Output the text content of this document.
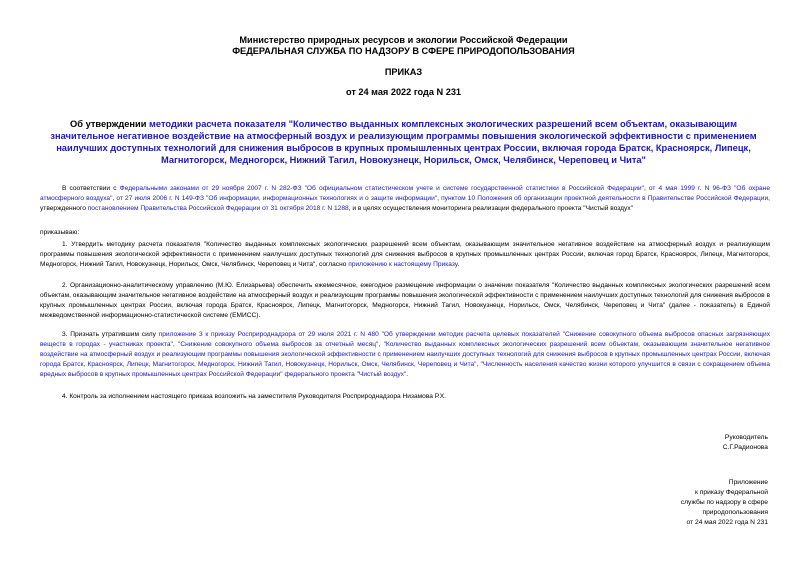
Министерство природных ресурсов и экологии Российской Федерации
ФЕДЕРАЛЬНАЯ СЛУЖБА ПО НАДЗОРУ В СФЕРЕ ПРИРОДОПОЛЬЗОВАНИЯ
ПРИКАЗ
от 24 мая 2022 года N 231
Об утверждении методики расчета показателя "Количество выданных комплексных экологических разрешений всем объектам, оказывающим значительное негативное воздействие на атмосферный воздух и реализующим программы повышения экологической эффективности с применением наилучших доступных технологий для снижения выбросов в крупных промышленных центрах России, включая города Братск, Красноярск, Липецк, Магнитогорск, Медногорск, Нижний Тагил, Новокузнецк, Норильск, Омск, Челябинск, Череповец и Чита"
В соответствии с Федеральными законами от 29 ноября 2007 г. N 282-ФЗ "Об официальном статистическом учете и системе государственной статистики в Российской Федерации", от 4 мая 1999 г. N 96-ФЗ "Об охране атмосферного воздуха", от 27 июля 2006 г. N 149-ФЗ "Об информации, информационных технологиях и о защите информации", пунктом 10 Положения об организации проектной деятельности в Правительстве Российской Федерации, утвержденного постановлением Правительства Российской Федерации от 31 октября 2018 г. N 1288, и в целях осуществления мониторинга реализации федерального проекта "Чистый воздух"
приказываю:
1. Утвердить методику расчета показателя "Количество выданных комплексных экологических разрешений всем объектам, оказывающим значительное негативное воздействие на атмосферный воздух и реализующим программы повышения экологической эффективности с применением наилучших доступных технологий для снижения выбросов в крупных промышленных центрах России, включая город Братск, Красноярск, Липецк, Магнитогорск, Медногорск, Нижний Тагил, Новокузнецк, Норильск, Омск, Челябинск, Череповец и Чита", согласно приложению к настоящему Приказу.
2. Организационно-аналитическому управлению (М.Ю. Елизарьева) обеспечить ежемесячное, ежегодное размещение информации о значении показателя "Количество выданных комплексных экологических разрешений всем объектам, оказывающим значительное негативное воздействие на атмосферный воздух и реализующим программы повышения экологической эффективности с применением наилучших доступных технологий для снижения выбросов в крупных промышленных центрах России, включая города Братск, Красноярск, Липецк, Магнитогорск, Медногорск, Нижний Тагил, Новокузнецк, Норильск, Омск, Челябинск, Череповец и Чита" (далее - показатель) в Единой межведомственной информационно-статистической системе (ЕМИСС).
3. Признать утратившим силу приложение 3 к приказу Росприроднадзора от 29 июля 2021 г. N 480 "Об утверждении методик расчета целевых показателей "Снижение совокупного объема выбросов опасных загрязняющих веществ в городах - участниках проекта", "Снижение совокупного объема выбросов за отчетный месяц", "Количество выданных комплексных экологических разрешений всем объектам, оказывающим значительное негативное воздействие на атмосферный воздух и реализующим программы повышения экологической эффективности с применением наилучших доступных технологий для снижения выбросов в крупных промышленных центрах России, включая города Братск, Красноярск, Липецк, Магнитогорск, Медногорск, Нижний Тагил, Новокузнецк, Норильск, Омск, Челябинск, Череповец и Чита", "Численность населения качество жизни которого улучшится в связи с сокращением объема вредных выбросов в крупных промышленных центрах Российской Федерации" федерального проекта "Чистый воздух".
4. Контроль за исполнением настоящего приказа возложить на заместителя Руководителя Росприроднадзора Низамова Р.Х.
Руководитель
С.Г.Радионова
Приложение
к приказу Федеральной
службы по надзору в сфере
природопользования
от 24 мая 2022 года N 231
